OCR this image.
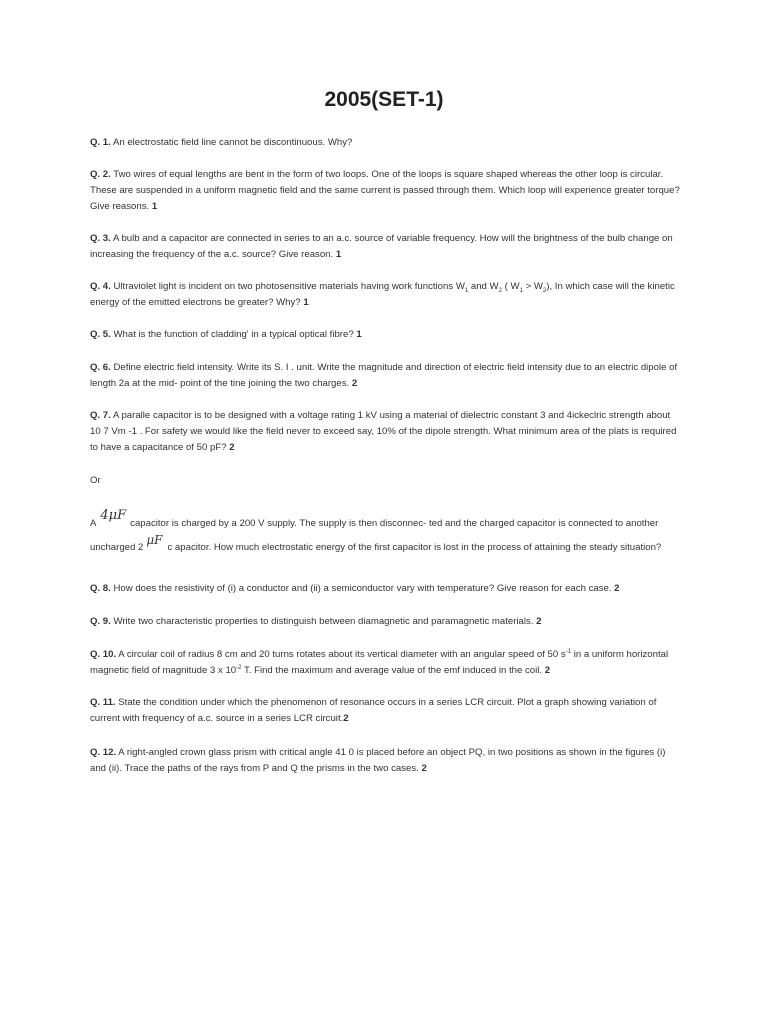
2005(SET-1)

Q. 1. An electrostatic field line cannot be discontinuous. Why?

Q. 2. Two wires of equal lengths are bent in the form of two loops. One of the loops is square shaped whereas the other loop is circular. These are suspended in a uniform magnetic field and the same current is passed through them. Which loop will experience greater torque? Give reasons. 1

Q. 3. A bulb and a capacitor are connected in series to an a.c. source of variable frequency. How will the brightness of the bulb change on increasing the frequency of the a.c. source? Give reason. 1

Q. 4. Ultraviolet light is incident on two photosensitive materials having work functions $W_1$ and $W_2$ ( $W_1 > W_2$), In which case will the kinetic energy of the emitted electrons be greater? Why? 1

Q. 5. What is the function of cladding' in a typical optical fibre? 1

Q. 6. Define electric field intensity. Write its S. I . unit. Write the magnitude and direction of electric field intensity due to an electric dipole of length 2a at the mid- point of the tine joining the two charges. 2

Q. 7. A paralle capacitor is to be designed with a voltage rating 1 kV using a material of dielectric constant 3 and 4ickeclric strength about 10 7 Vm -1 . For safety we would like the field never to exceed say, 10% of the dipole strength. What minimum area of the plats is required to have a capacitance of 50 pF? 2

Or

A4μFcapacitor is charged by a 200 V supply. The supply is then disconnec- ted and the charged capacitor is connected to another uncharged 2μFc apacitor. How much electrostatic energy of the first capacitor is lost in the process of attaining the steady situation?

Q. 8. How does the resistivity of (i) a conductor and (ii) a semiconductor vary with temperature? Give reason for each case. 2

Q. 9. Write two characteristic properties to distinguish between diamagnetic and paramagnetic materials. 2

Q. 10. A circular coil of radius 8 cm and 20 turns rotates about its vertical diameter with an angular speed of 50 $s^{-1}$ in a uniform horizontal magnetic field of magnitude 3 x $10^{-2}$ T. Find the maximum and average value of the emf induced in the coil. 2

Q. 11. State the condition under which the phenomenon of resonance occurs in a series LCR circuit. Plot a graph showing variation of current with frequency of a.c. source in a series LCR circuit.2

Q. 12. A right-angled crown glass prism with critical angle 41 0 is placed before an object PQ, in two positions as shown in the figures (i) and (ii). Trace the paths of the rays from P and Q the prisms in the two cases. 2
